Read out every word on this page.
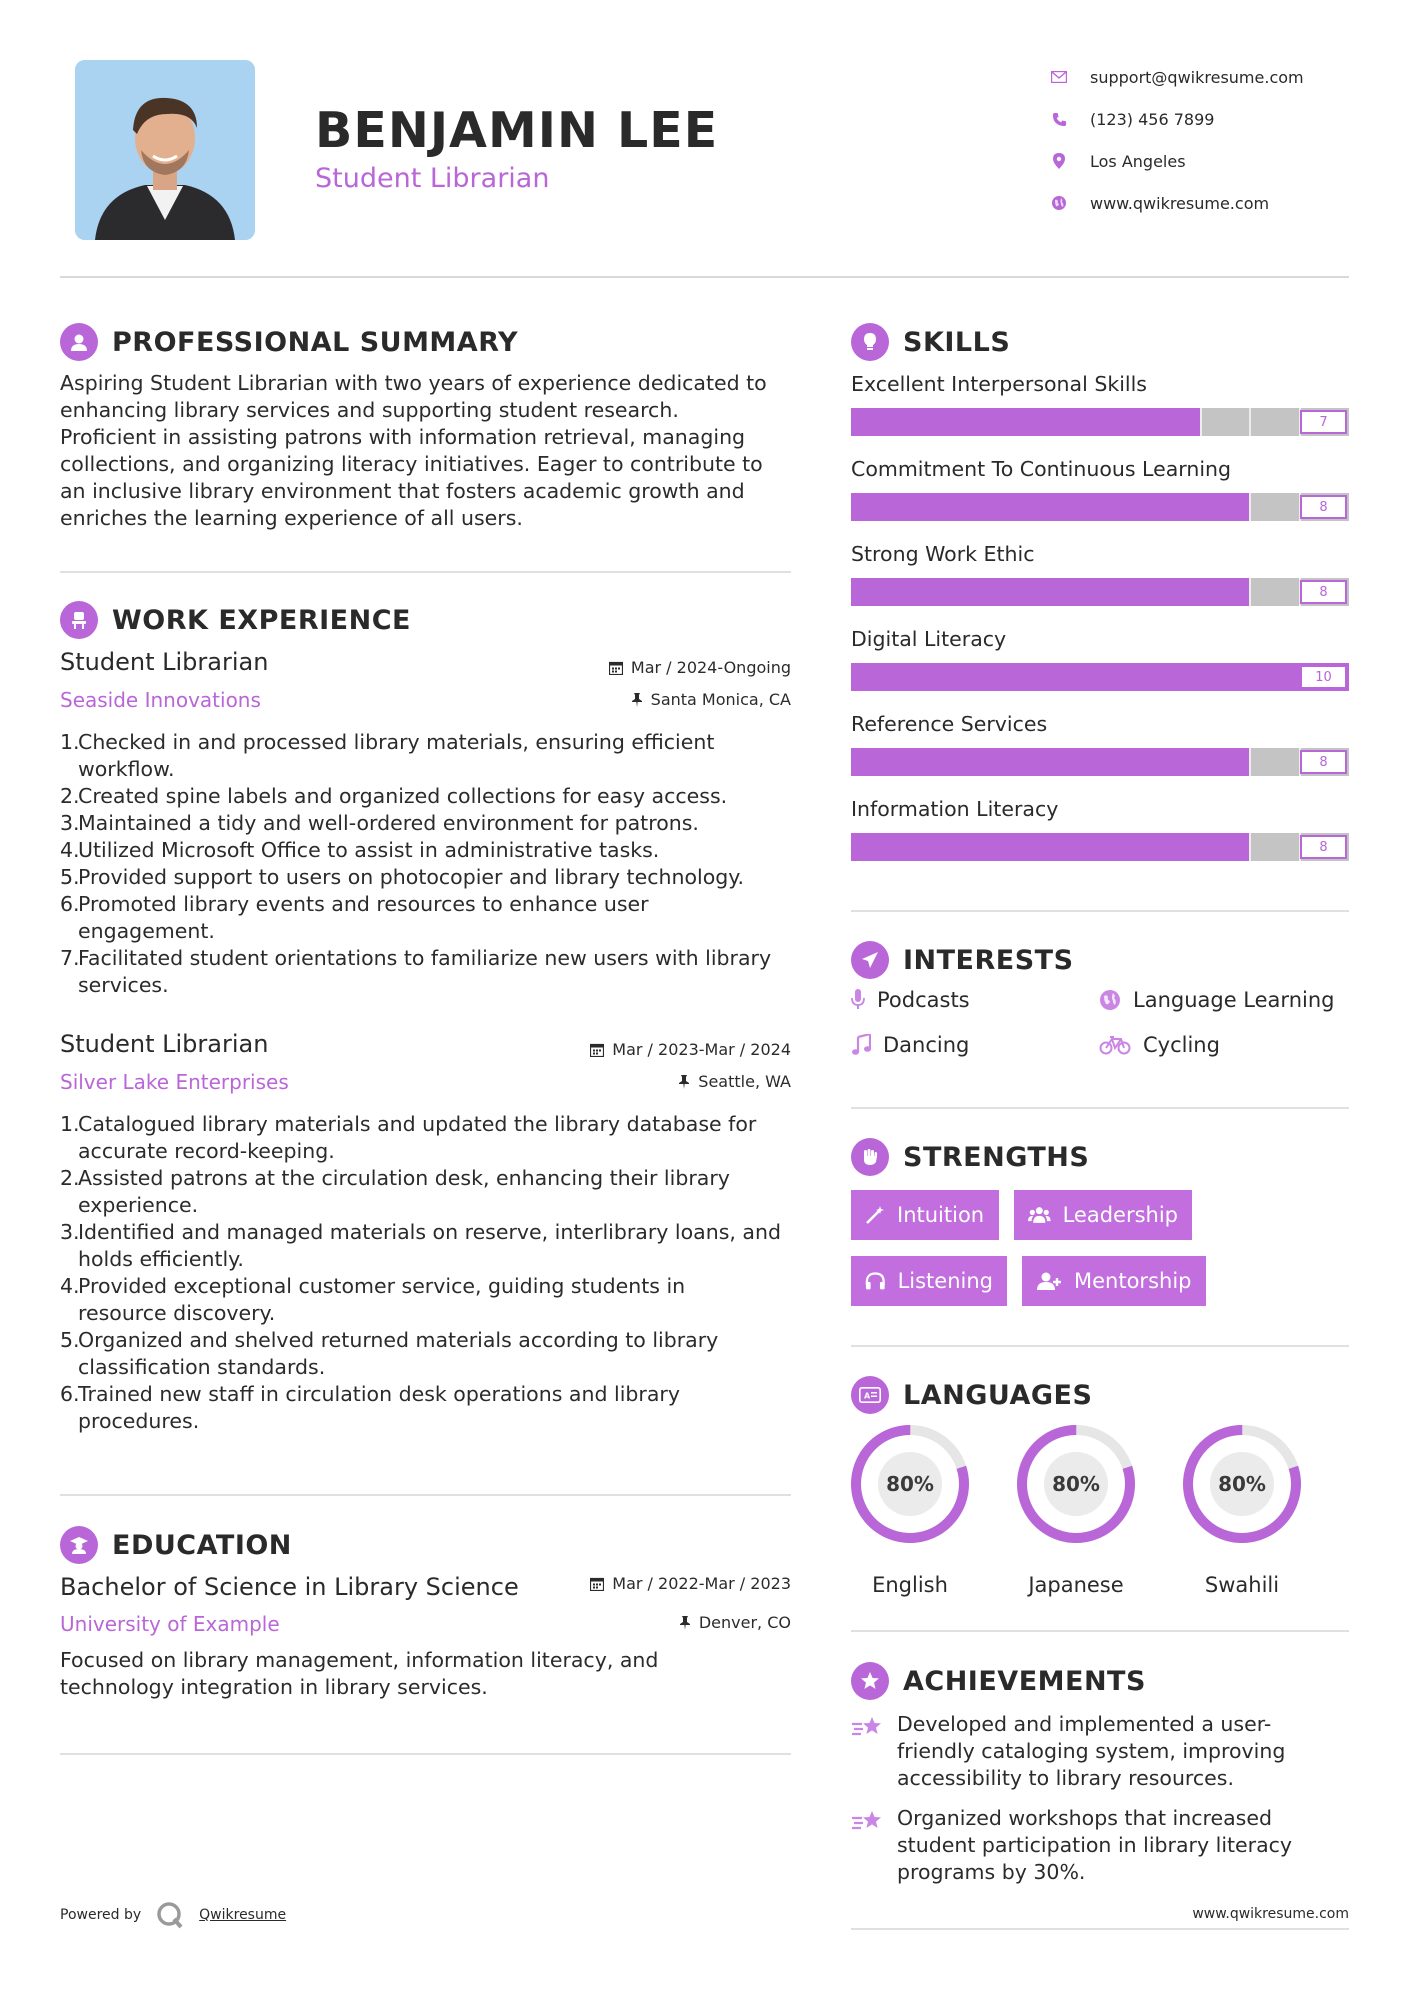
BENJAMIN LEE
Student Librarian
support@qwikresume.com
(123) 456 7899
Los Angeles
www.qwikresume.com
PROFESSIONAL SUMMARY
Aspiring Student Librarian with two years of experience dedicated to
enhancing library services and supporting student research.
Proficient in assisting patrons with information retrieval, managing
collections, and organizing literacy initiatives. Eager to contribute to
an inclusive library environment that fosters academic growth and
enriches the learning experience of all users.
WORK EXPERIENCE
Student Librarian
Seaside Innovations
Mar / 2024-Ongoing
Santa Monica, CA
Checked in and processed library materials, ensuring efficient
workflow.
Created spine labels and organized collections for easy access.
Maintained a tidy and well-ordered environment for patrons.
Utilized Microsoft Office to assist in administrative tasks.
Provided support to users on photocopier and library technology.
Promoted library events and resources to enhance user
engagement.
Facilitated student orientations to familiarize new users with library
services.
Student Librarian
Silver Lake Enterprises
Mar / 2023-Mar / 2024
Seattle, WA
Catalogued library materials and updated the library database for
accurate record-keeping.
Assisted patrons at the circulation desk, enhancing their library
experience.
Identified and managed materials on reserve, interlibrary loans, and
holds efficiently.
Provided exceptional customer service, guiding students in
resource discovery.
Organized and shelved returned materials according to library
classification standards.
Trained new staff in circulation desk operations and library
procedures.
EDUCATION
Bachelor of Science in Library Science
University of Example
Mar / 2022-Mar / 2023
Denver, CO
Focused on library management, information literacy, and
technology integration in library services.
SKILLS
Excellent Interpersonal Skills
7
Commitment To Continuous Learning
8
Strong Work Ethic
8
Digital Literacy
10
Reference Services
8
Information Literacy
8
INTERESTS
Podcasts	Language Learning
Dancing	Cycling
STRENGTHS
Intuition	Leadership
Listening	Mentorship
A LANGUAGES
80%
English
80%
Japanese
80%
Swahili
ACHIEVEMENTS
Developed and implemented a user-
friendly cataloging system, improving
accessibility to library resources.
Organized workshops that increased
student participation in library literacy
programs by 30%.
Powered by	Qwikresume	www.qwikresume.com
